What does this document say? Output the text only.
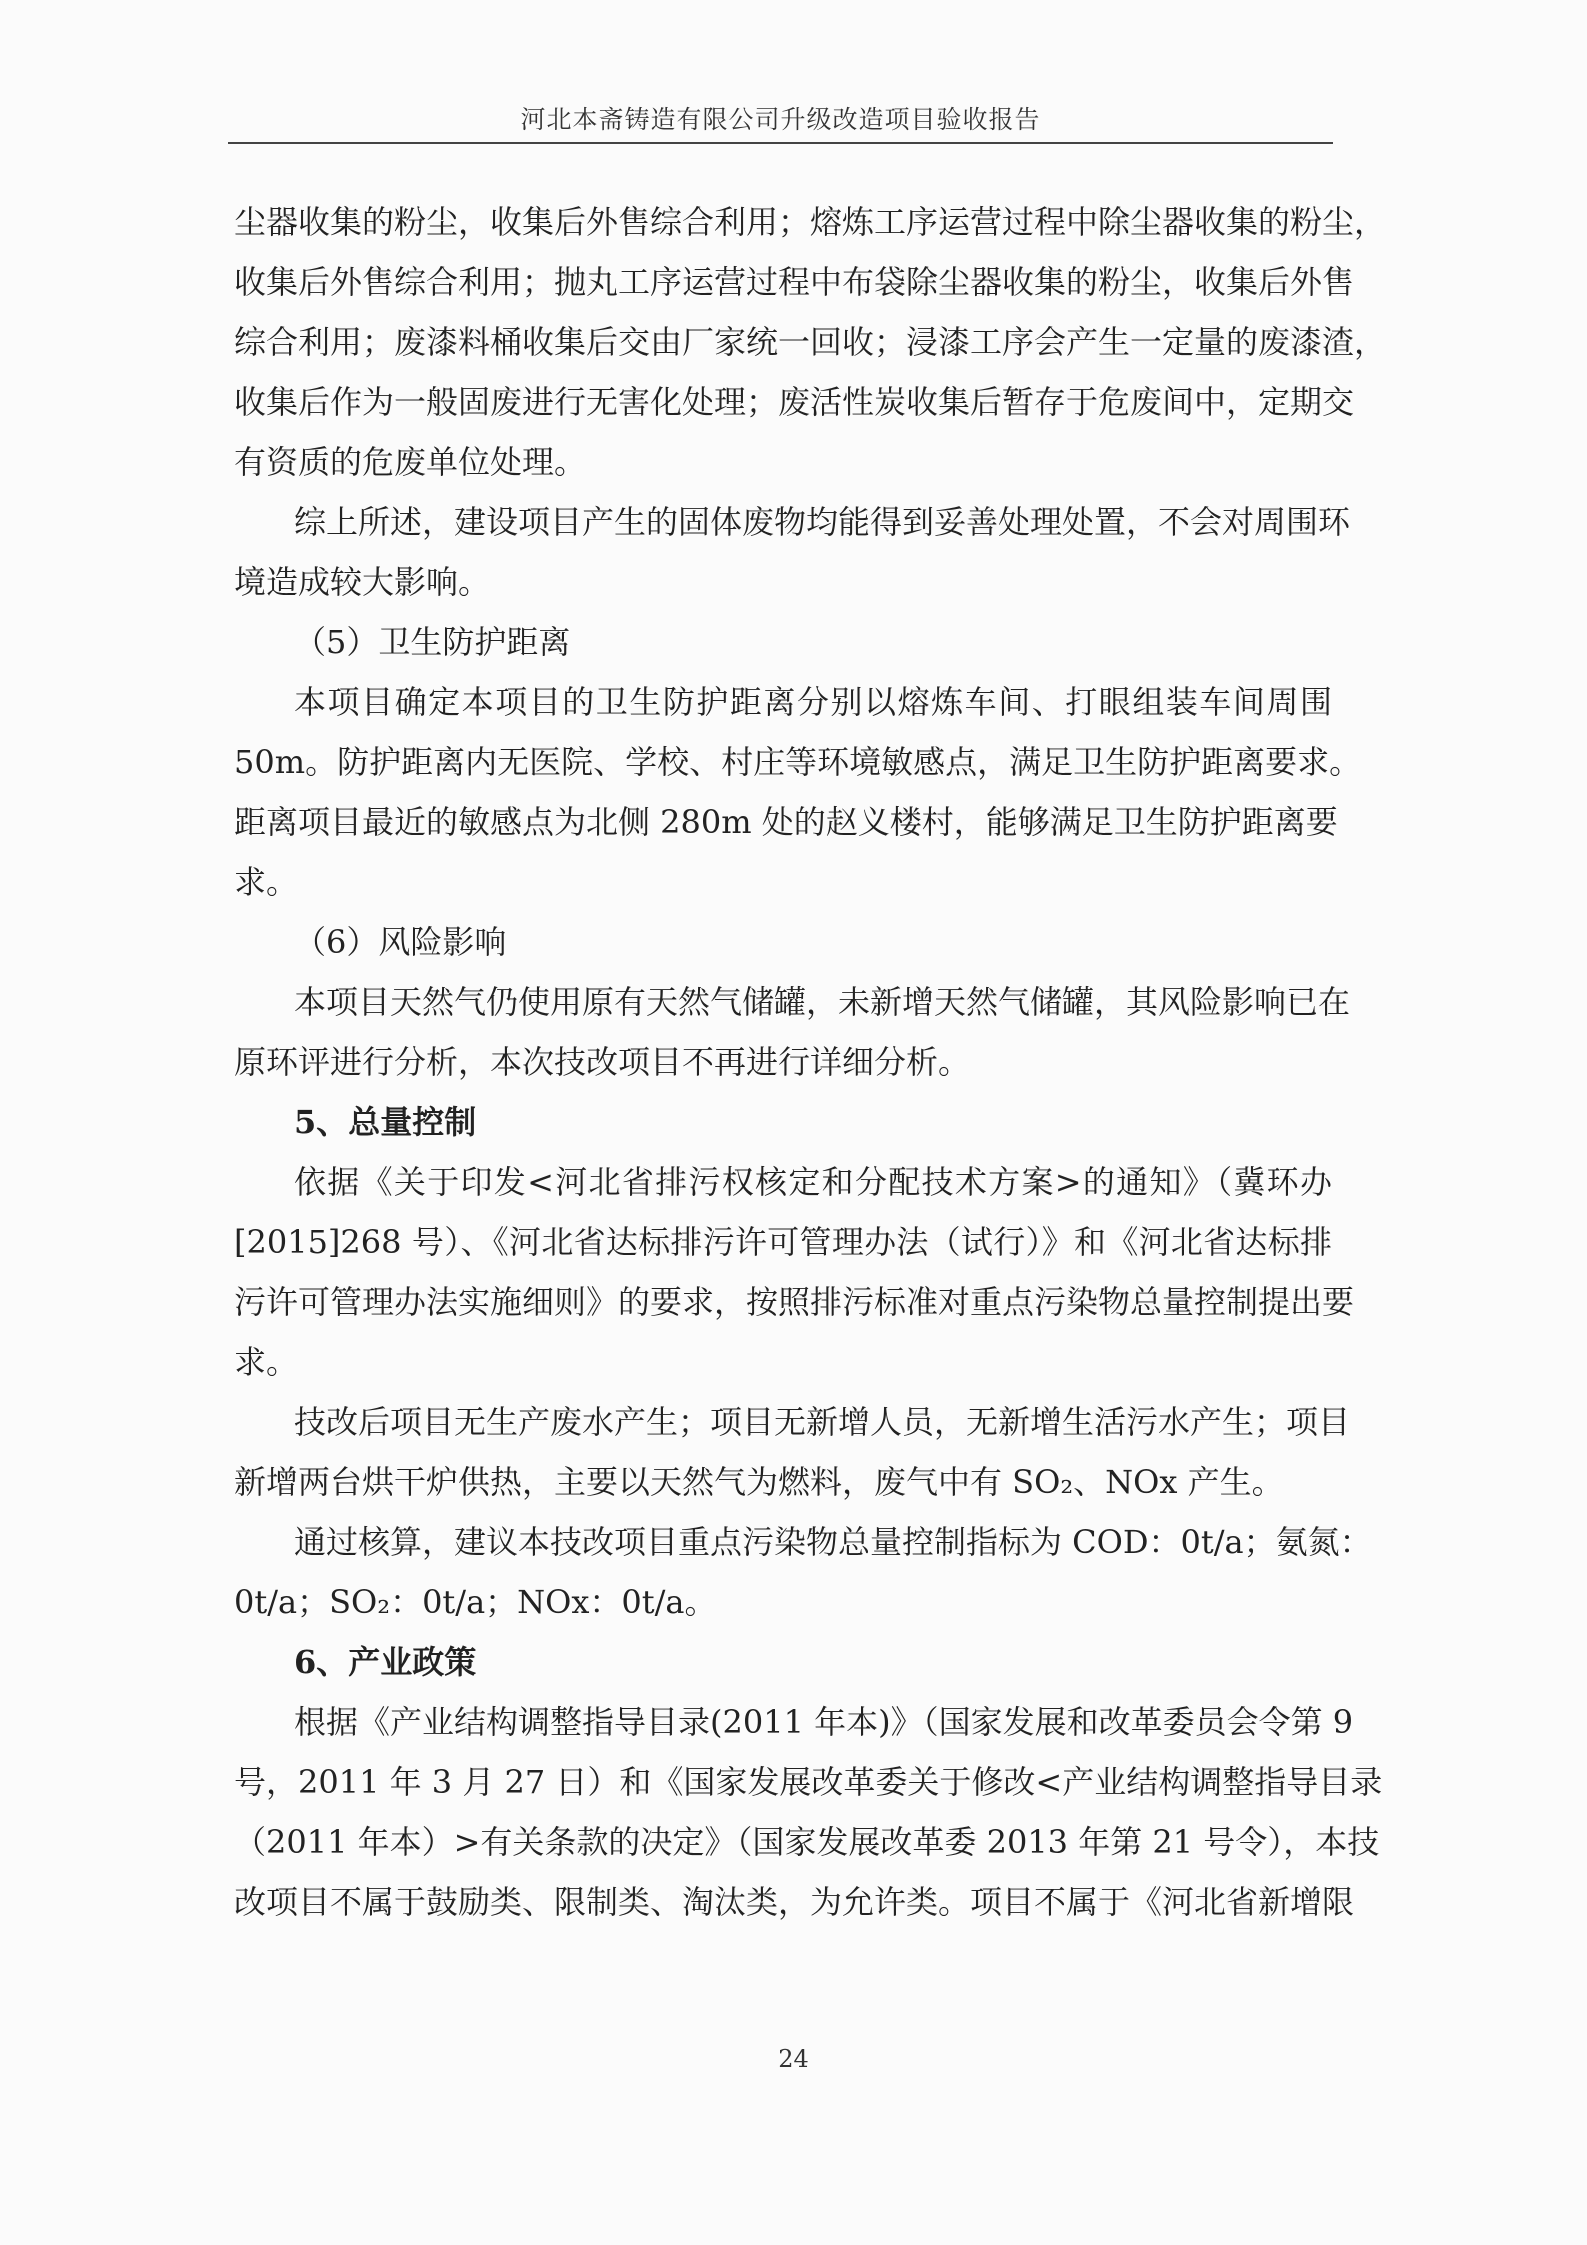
河北本斋铸造有限公司升级改造项目验收报告
尘器收集的粉尘，收集后外售综合利用；熔炼工序运营过程中除尘器收集的粉尘，
收集后外售综合利用；抛丸工序运营过程中布袋除尘器收集的粉尘，收集后外售
综合利用；废漆料桶收集后交由厂家统一回收；浸漆工序会产生一定量的废漆渣，
收集后作为一般固废进行无害化处理；废活性炭收集后暂存于危废间中，定期交
有资质的危废单位处理。
综上所述，建设项目产生的固体废物均能得到妥善处理处置，不会对周围环
境造成较大影响。
（5）卫生防护距离
本项目确定本项目的卫生防护距离分别以熔炼车间、打眼组装车间周围
50m。防护距离内无医院、学校、村庄等环境敏感点，满足卫生防护距离要求。
距离项目最近的敏感点为北侧 280m 处的赵义楼村，能够满足卫生防护距离要
求。
（6）风险影响
本项目天然气仍使用原有天然气储罐，未新增天然气储罐，其风险影响已在
原环评进行分析，本次技改项目不再进行详细分析。
5、总量控制
依据《关于印发<河北省排污权核定和分配技术方案>的通知》（冀环办
[2015]268 号）、《河北省达标排污许可管理办法（试行）》和《河北省达标排
污许可管理办法实施细则》的要求，按照排污标准对重点污染物总量控制提出要
求。
技改后项目无生产废水产生；项目无新增人员，无新增生活污水产生；项目
新增两台烘干炉供热，主要以天然气为燃料，废气中有 SO₂、NOx 产生。
通过核算，建议本技改项目重点污染物总量控制指标为 COD：0t/a；氨氮：
0t/a；SO₂：0t/a；NOx：0t/a。
6、产业政策
根据《产业结构调整指导目录(2011 年本)》（国家发展和改革委员会令第 9
号，2011 年 3 月 27 日）和《国家发展改革委关于修改<产业结构调整指导目录
（2011 年本）>有关条款的决定》（国家发展改革委 2013 年第 21 号令），本技
改项目不属于鼓励类、限制类、淘汰类，为允许类。项目不属于《河北省新增限
24
